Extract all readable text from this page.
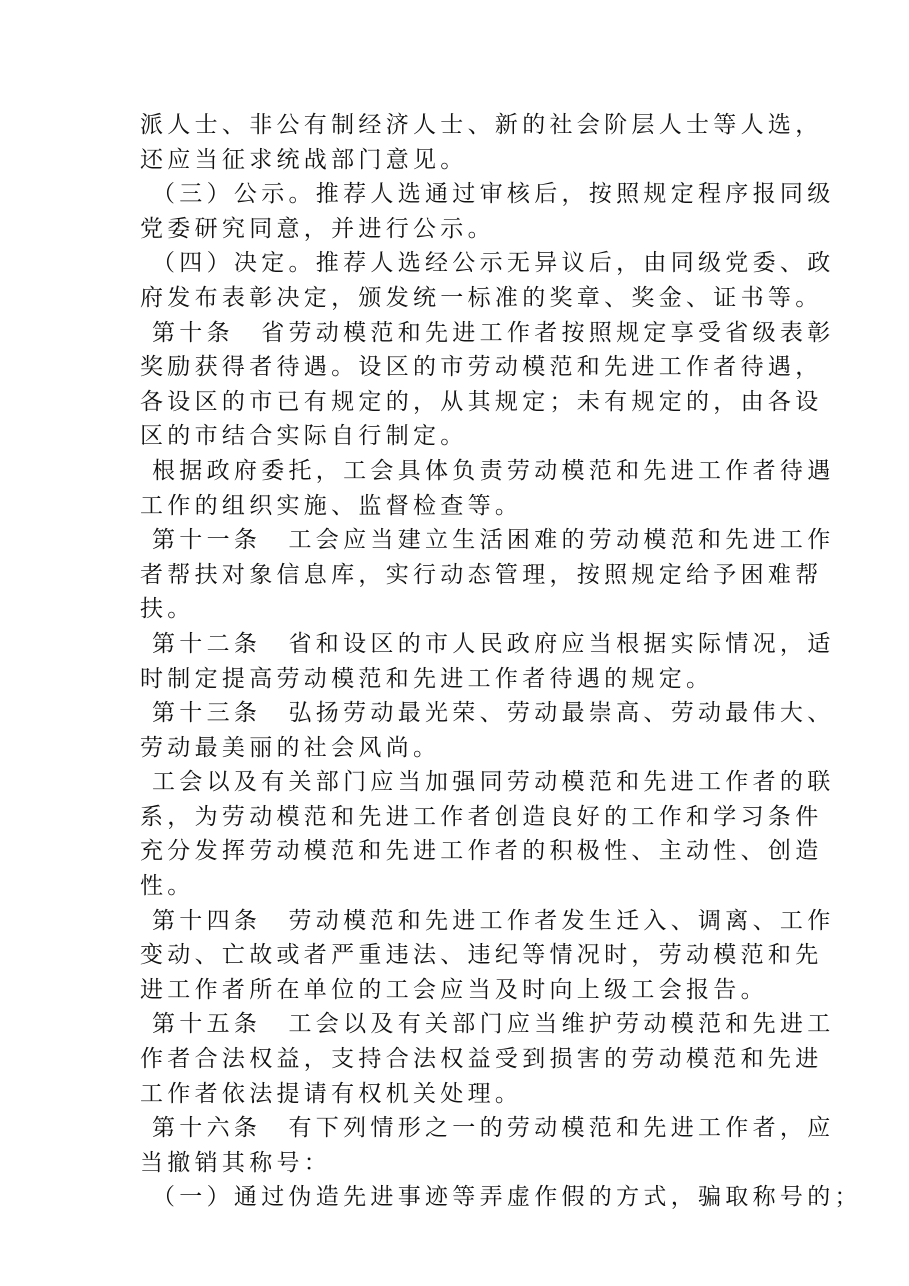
派人士、非公有制经济人士、新的社会阶层人士等人选，
还应当征求统战部门意见。
（三）公示。推荐人选通过审核后，按照规定程序报同级
党委研究同意，并进行公示。
（四）决定。推荐人选经公示无异议后，由同级党委、政
府发布表彰决定，颁发统一标准的奖章、奖金、证书等。
第十条　省劳动模范和先进工作者按照规定享受省级表彰
奖励获得者待遇。设区的市劳动模范和先进工作者待遇，
各设区的市已有规定的，从其规定；未有规定的，由各设
区的市结合实际自行制定。
根据政府委托，工会具体负责劳动模范和先进工作者待遇
工作的组织实施、监督检查等。
第十一条　工会应当建立生活困难的劳动模范和先进工作
者帮扶对象信息库，实行动态管理，按照规定给予困难帮
扶。
第十二条　省和设区的市人民政府应当根据实际情况，适
时制定提高劳动模范和先进工作者待遇的规定。
第十三条　弘扬劳动最光荣、劳动最崇高、劳动最伟大、
劳动最美丽的社会风尚。
工会以及有关部门应当加强同劳动模范和先进工作者的联
系，为劳动模范和先进工作者创造良好的工作和学习条件
充分发挥劳动模范和先进工作者的积极性、主动性、创造
性。
第十四条　劳动模范和先进工作者发生迁入、调离、工作
变动、亡故或者严重违法、违纪等情况时，劳动模范和先
进工作者所在单位的工会应当及时向上级工会报告。
第十五条　工会以及有关部门应当维护劳动模范和先进工
作者合法权益，支持合法权益受到损害的劳动模范和先进
工作者依法提请有权机关处理。
第十六条　有下列情形之一的劳动模范和先进工作者，应
当撤销其称号：
（一）通过伪造先进事迹等弄虚作假的方式，骗取称号的；
